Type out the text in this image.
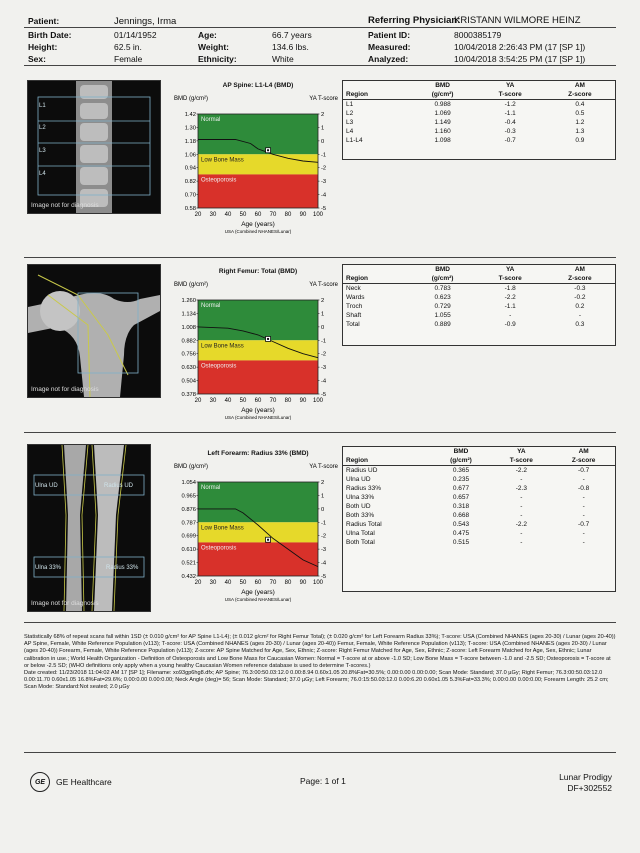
Patient:	Jennings, Irma
Birth Date:	01/14/1952
Height:	62.5 in.
Sex:	Female
Age:	66.7 years
Weight:	134.6 lbs.
Ethnicity:	White
Referring Physician:
KRISTANN WILMORE HEINZ
Patient ID:	8000385179
Measured:	10/04/2018 2:26:43 PM (17 [SP 1])
Analyzed:	10/04/2018 3:54:25 PM (17 [SP 1])
L1
L2
L3
L4
Image not for diagnosis
AP Spine: L1-L4 (BMD)
BMD (g/cm²)	YA T-score
Normal
Low Bone Mass
Osteoporosis
1.42
1.30
1.18
1.06
0.94
0.82
0.70
0.58
2
1
0
-1
-2
-3
-4
-5
20 30 40 50 60 70 80 90 100
Age (years)
USA (Combined NHANES/Lunar)
	BMD	YA	AM
Region	(g/cm²)	T-score	Z-score
L1	0.988	-1.2	0.4
L2	1.069	-1.1	0.5
L3	1.149	-0.4	1.2
L4	1.160	-0.3	1.3
L1-L4	1.098	-0.7	0.9
Image not for diagnosis
Right Femur: Total (BMD)
BMD (g/cm²)	YA T-score
Normal
Low Bone Mass
Osteoporosis
1.260
1.134
1.008
0.882
0.756
0.630
0.504
0.378
2
1
0
-1
-2
-3
-4
-5
20 30 40 50 60 70 80 90 100
Age (years)
USA (Combined NHANES/Lunar)
	BMD	YA	AM
Region	(g/cm²)	T-score	Z-score
Neck	0.783	-1.8	-0.3
Wards	0.623	-2.2	-0.2
Troch	0.729	-1.1	0.2
Shaft	1.055	-	-
Total	0.889	-0.9	0.3
Ulna UD	Radius UD
Ulna 33%	Radius 33%
Image not for diagnosis
Left Forearm: Radius 33% (BMD)
BMD (g/cm²)	YA T-score
Normal
Low Bone Mass
Osteoporosis
1.054
0.965
0.876
0.787
0.699
0.610
0.521
0.432
2
1
0
-1
-2
-3
-4
-5
20 30 40 50 60 70 80 90 100
Age (years)
USA (Combined NHANES/Lunar)
	BMD	YA	AM
Region	(g/cm²)	T-score	Z-score
Radius UD	0.365	-2.2	-0.7
Ulna UD	0.235	-	-
Radius 33%	0.677	-2.3	-0.8
Ulna 33%	0.657	-	-
Both UD	0.318	-	-
Both 33%	0.668	-	-
Radius Total	0.543	-2.2	-0.7
Ulna Total	0.475	-	-
Both Total	0.515	-	-
Statistically 68% of repeat scans fall within 1SD (± 0.010 g/cm² for AP Spine L1-L4); (± 0.012 g/cm² for Right Femur Total); (± 0.020 g/cm² for Left Forearm Radius 33%); T-score: USA (Combined NHANES (ages 20-30) / Lunar (ages 20-40)) AP Spine, Female, White Reference Population (v113); T-score: USA (Combined NHANES (ages 20-30) / Lunar (ages 20-40)) Femur, Female, White Reference Population (v113); T-score: USA (Combined NHANES (ages 20-30) / Lunar (ages 20-40)) Forearm, Female, White Reference Population (v113); Z-score: AP Spine Matched for Age, Sex, Ethnic; Z-score: Right Femur Matched for Age, Sex, Ethnic; Z-score: Left Forearm Matched for Age, Sex, Ethnic; Lunar calibration in use.; World Health Organization - Definition of Osteoporosis and Low Bone Mass for Caucasian Women: Normal = T-score at or above -1.0 SD; Low Bone Mass = T-score between -1.0 and -2.5 SD; Osteoporosis = T-score at or below -2.5 SD; (WHO definitions only apply when a young healthy Caucasian Women reference database is used to determine T-scores.)
Date created: 11/23/2018 11:04:02 AM 17 [SP 1]; Filename: xo93gp6hg8.dfx; AP Spine; 76.3:00:50.03:12.0 0.00:8.94 0.60x1.05 20.8%Fat=30.5%; 0.00:0.00 0.00:0.00; Scan Mode: Standard; 37.0 µGy; Right Femur; 76.3:00:50.03:12.0 0.00:11.70 0.60x1.05 16.8%Fat=29.6%; 0.00:0.00 0.00:0.00; Neck Angle (deg)= 56; Scan Mode: Standard; 37.0 µGy; Left Forearm; 76.0:15:50.03:12.0 0.00:6.20 0.60x1.05 5.3%Fat=33.3%; 0.00:0.00 0.00:0.00; Forearm Length: 25.2 cm; Scan Mode: Standard:Not seated; 2.0 µGy
GE	GE Healthcare	Page: 1 of 1	Lunar Prodigy
DF+302552
